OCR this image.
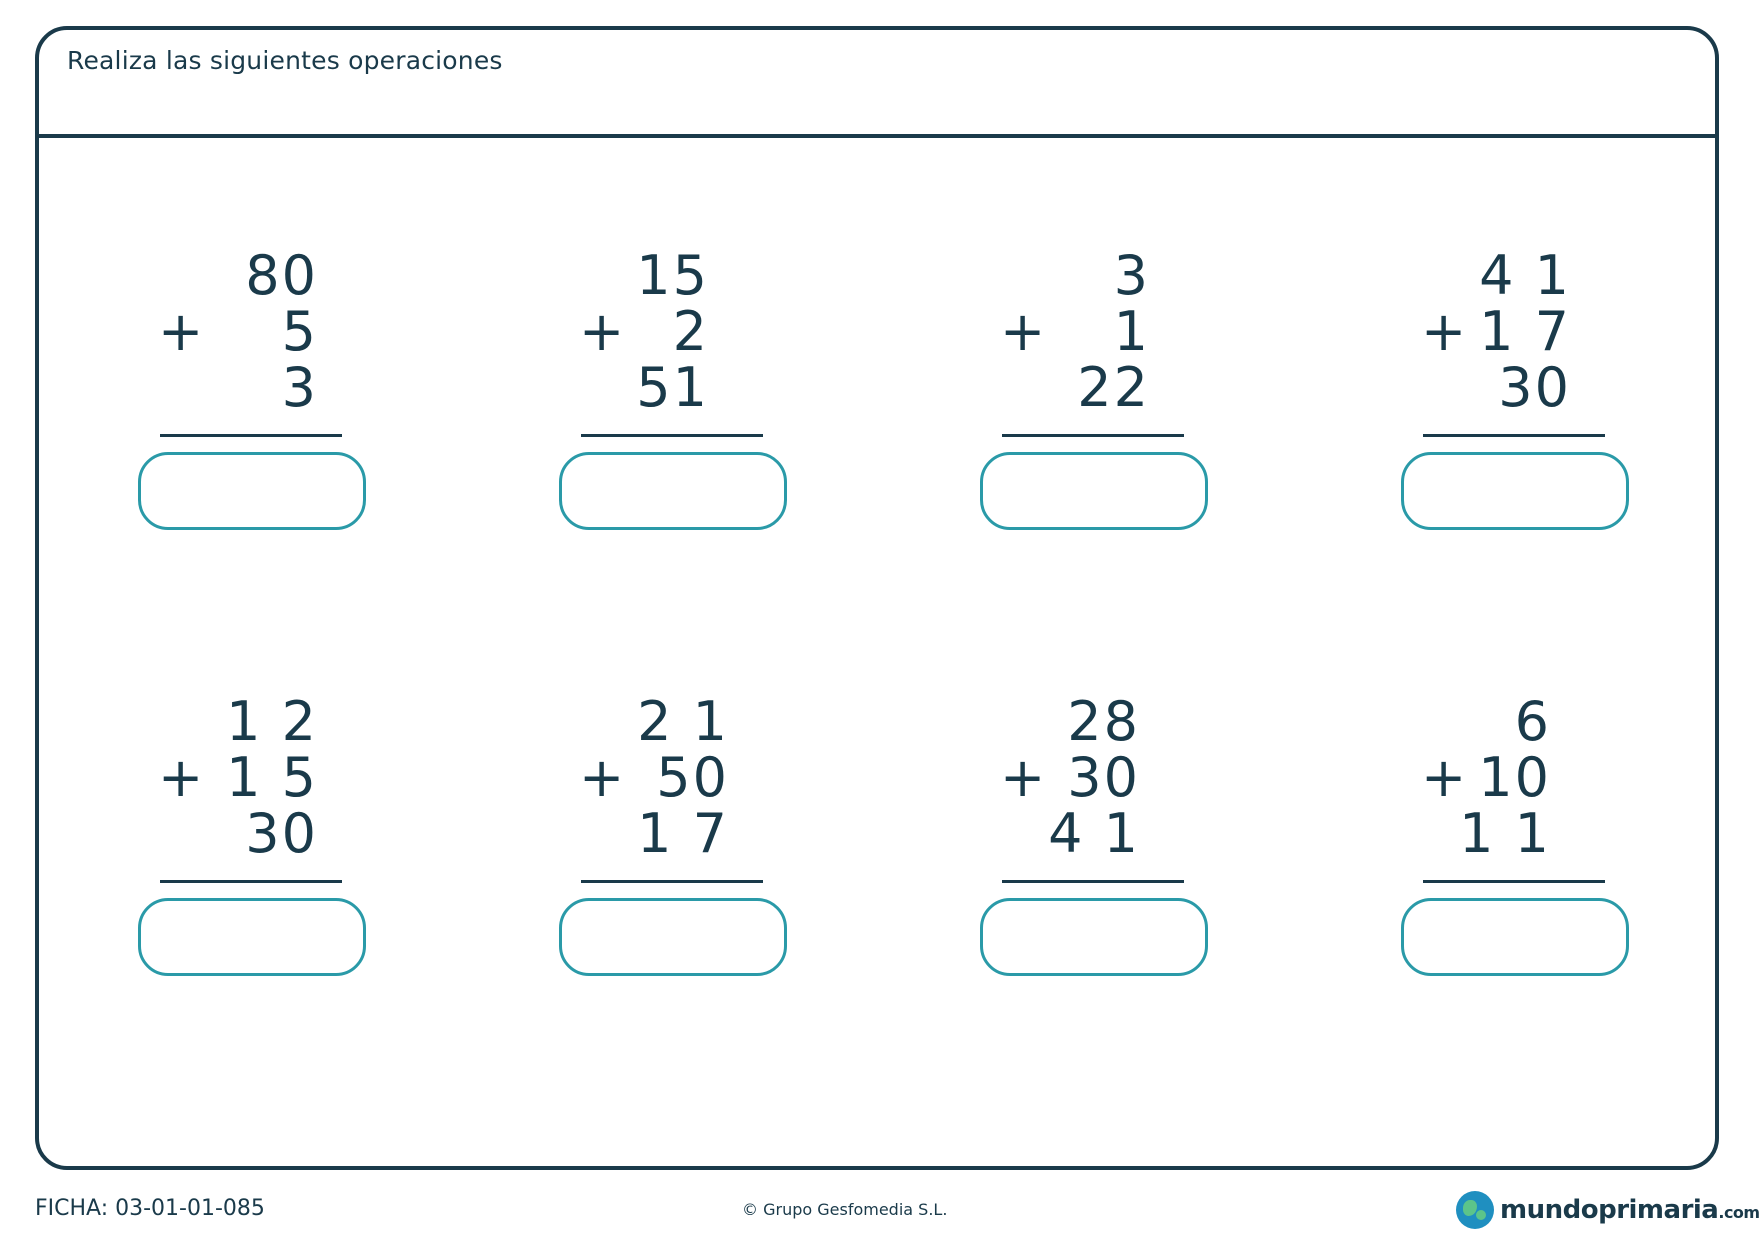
Realiza las siguientes operaciones
80
+ 5
3
15
+ 2
51
3
+ 1
22
4 1
+ 1 7
30
1 2
+ 1 5
30
2 1
+ 50
1 7
28
+ 30
4 1
6
+ 10
1 1
FICHA: 03-01-01-085	© Grupo Gesfomedia S.L.	mundoprimaria.com
